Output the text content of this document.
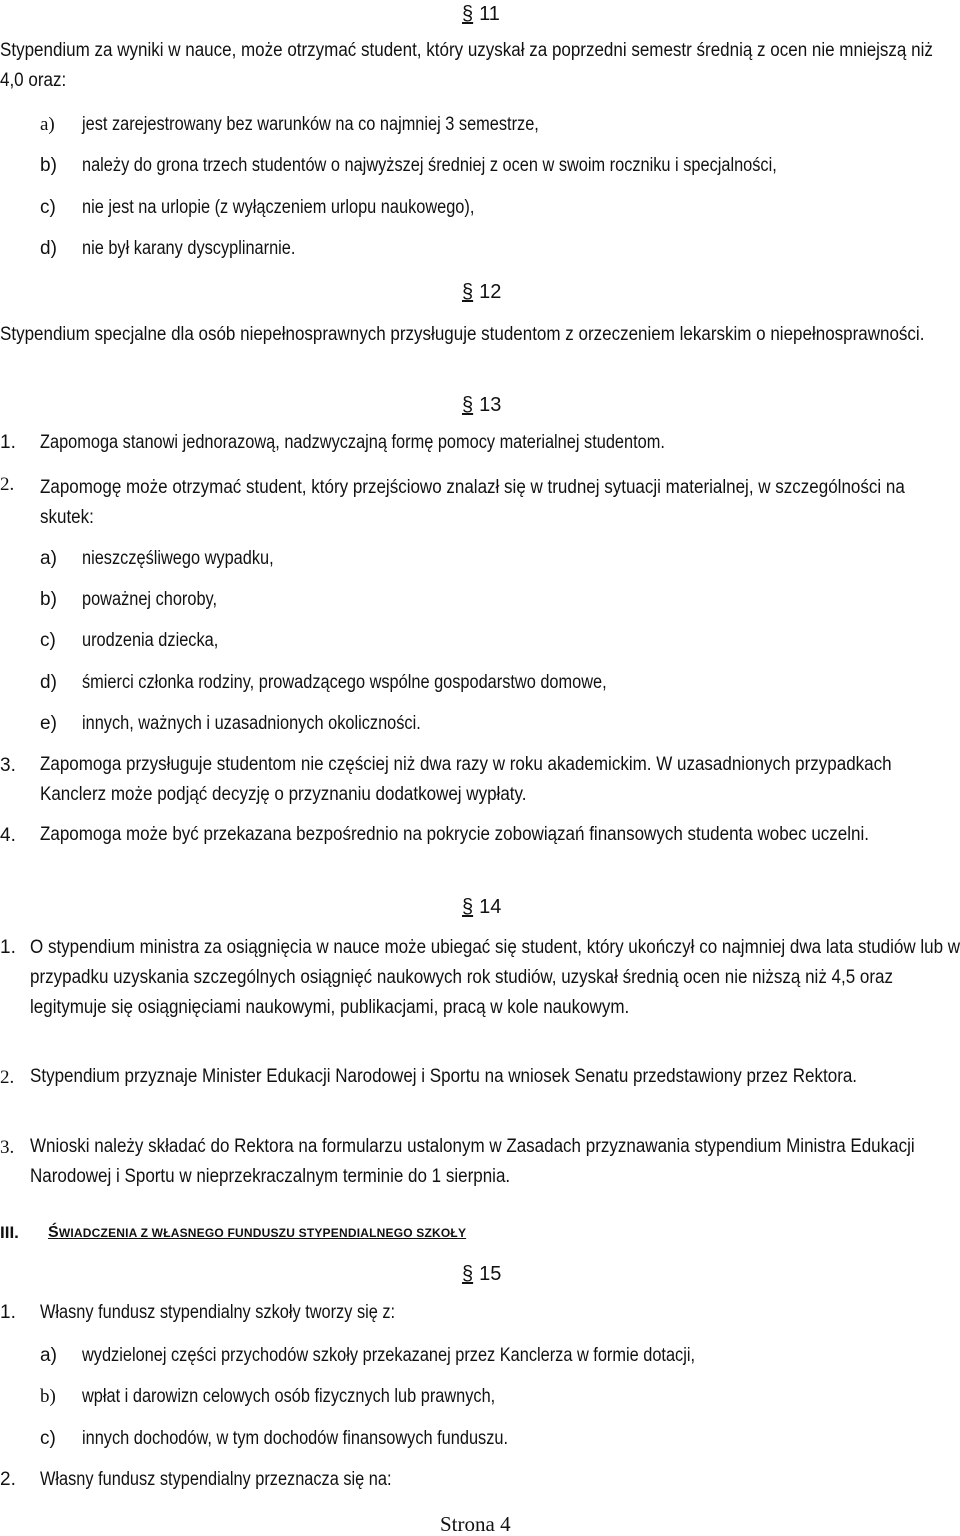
§ 11
Stypendium za wyniki w nauce, może otrzymać student, który uzyskał za poprzedni semestr średnią z ocen nie mniejszą niż 4,0 oraz:
a) jest zarejestrowany bez warunków na co najmniej 3 semestrze,
b) należy do grona trzech studentów o najwyższej średniej z ocen w swoim roczniku i specjalności,
c) nie jest na urlopie (z wyłączeniem urlopu naukowego),
d) nie był karany dyscyplinarnie.
§ 12
Stypendium specjalne dla osób niepełnosprawnych przysługuje studentom z orzeczeniem lekarskim o niepełnosprawności.
§ 13
1. Zapomoga stanowi jednorazową, nadzwyczajną formę pomocy materialnej studentom.
2. Zapomogę może otrzymać student, który przejściowo znalazł się w trudnej sytuacji materialnej, w szczególności na skutek:
a) nieszczęśliwego wypadku,
b) poważnej choroby,
c) urodzenia dziecka,
d) śmierci członka rodziny, prowadzącego wspólne gospodarstwo domowe,
e) innych, ważnych i uzasadnionych okoliczności.
3. Zapomoga przysługuje studentom nie częściej niż dwa razy w roku akademickim. W uzasadnionych przypadkach Kanclerz może podjąć decyzję o przyznaniu dodatkowej wypłaty.
4. Zapomoga może być przekazana bezpośrednio na pokrycie zobowiązań finansowych studenta wobec uczelni.
§ 14
1. O stypendium ministra za osiągnięcia w nauce może ubiegać się student, który ukończył co najmniej dwa lata studiów lub w przypadku uzyskania szczególnych osiągnięć naukowych rok studiów, uzyskał średnią ocen nie niższą niż 4,5 oraz legitymuje się osiągnięciami naukowymi, publikacjami, pracą w kole naukowym.
2. Stypendium przyznaje Minister Edukacji Narodowej i Sportu na wniosek Senatu przedstawiony przez Rektora.
3. Wnioski należy składać do Rektora na formularzu ustalonym w Zasadach przyznawania stypendium Ministra Edukacji Narodowej i Sportu w nieprzekraczalnym terminie do 1 sierpnia.
III. ŚWIADCZENIA Z WŁASNEGO FUNDUSZU STYPENDIALNEGO SZKOŁY
§ 15
1. Własny fundusz stypendialny szkoły tworzy się z:
a) wydzielonej części przychodów szkoły przekazanej przez Kanclerza w formie dotacji,
b) wpłat i darowizn celowych osób fizycznych lub prawnych,
c) innych dochodów, w tym dochodów finansowych funduszu.
2. Własny fundusz stypendialny przeznacza się na:
Strona 4
